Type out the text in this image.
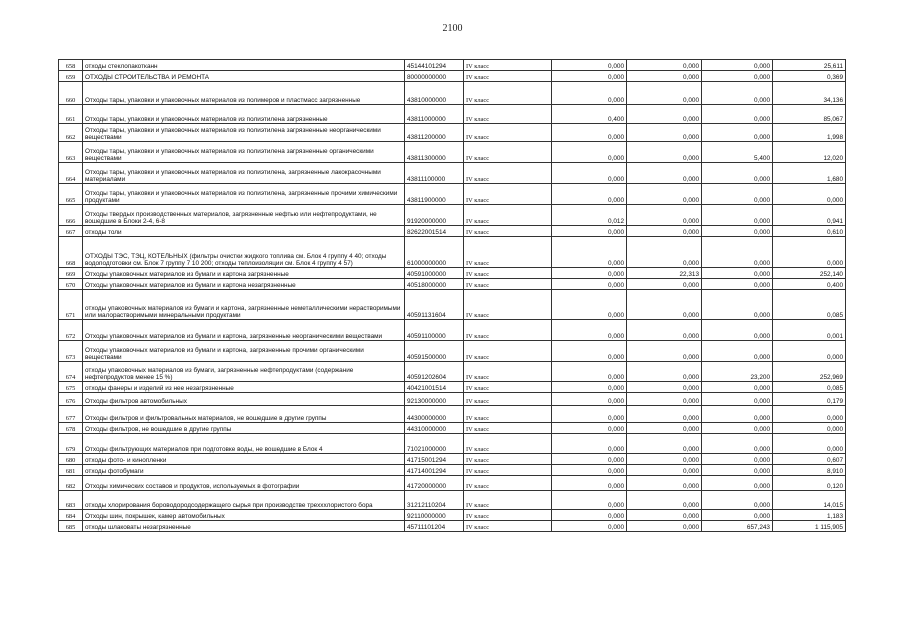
2100
658	отходы стеклопакотканн	45144101294	IV класс	0,000	0,000	0,000	25,611
659	ОТХОДЫ СТРОИТЕЛЬСТВА И РЕМОНТА	80000000000	IV класс	0,000	0,000	0,000	0,369
660	Отходы тары, упаковки и упаковочных материалов из полимеров и пластмасс загрязненные	43810000000	IV класс	0,000	0,000	0,000	34,136
661	Отходы тары, упаковки и упаковочных материалов из полиэтилена загрязненные	43811000000	IV класс	0,400	0,000	0,000	85,067
662	Отходы тары, упаковки и упаковочных материалов из полиэтилена загрязненные неорганическими веществами	43811200000	IV класс	0,000	0,000	0,000	1,998
663	Отходы тары, упаковки и упаковочных материалов из полиэтилена загрязненные органическими веществами	43811300000	IV класс	0,000	0,000	5,400	12,020
664	Отходы тары, упаковки и упаковочных материалов из полиэтилена, загрязненные лакокрасочными материалами	43811100000	IV класс	0,000	0,000	0,000	1,680
665	Отходы тары, упаковки и упаковочных материалов из полиэтилена, загрязненные прочими химическими продуктами	43811900000	IV класс	0,000	0,000	0,000	0,000
666	Отходы твердых производственных материалов, загрязненные нефтью или нефтепродуктами, не вошедшие в Блоки 2-4, 6-8	91920000000	IV класс	0,012	0,000	0,000	0,941
667	отходы толи	82622001514	IV класс	0,000	0,000	0,000	0,610
668	ОТХОДЫ ТЭС, ТЭЦ, КОТЕЛЬНЫХ (фильтры очистки жидкого топлива см. Блок 4 группу 4 40; отходы водоподготовки см. Блок 7 группу 7 10 200; отходы теплоизоляции см. Блок 4 группу 4 57)	61000000000	IV класс	0,000	0,000	0,000	0,000
669	Отходы упаковочных материалов из бумаги и картона загрязненные	40591000000	IV класс	0,000	22,313	0,000	252,140
670	Отходы упаковочных материалов из бумаги и картона незагрязненные	40518000000	IV класс	0,000	0,000	0,000	0,400
671	отходы упаковочных материалов из бумаги и картона, загрязненные неметаллическими нерастворимыми или малорастворимыми минеральными продуктами	40591131604	IV класс	0,000	0,000	0,000	0,085
672	Отходы упаковочных материалов из бумаги и картона, загрязненные неорганическими веществами	40591100000	IV класс	0,000	0,000	0,000	0,001
673	Отходы упаковочных материалов из бумаги и картона, загрязненные прочими органическими веществами	40591500000	IV класс	0,000	0,000	0,000	0,000
674	отходы упаковочных материалов из бумаги, загрязненные нефтепродуктами (содержание нефтепродуктов менее 15 %)	40591202604	IV класс	0,000	0,000	23,200	252,969
675	отходы фанеры и изделий из нее незагрязненные	40421001514	IV класс	0,000	0,000	0,000	0,085
676	Отходы фильтров автомобильных	92130000000	IV класс	0,000	0,000	0,000	0,179
677	Отходы фильтров и фильтровальных материалов, не вошедшие в другие группы	44300000000	IV класс	0,000	0,000	0,000	0,000
678	Отходы фильтров, не вошедшие в другие группы	44310000000	IV класс	0,000	0,000	0,000	0,000
679	Отходы фильтрующих материалов при подготовке воды, не вошедшие в Блок 4	71021000000	IV класс	0,000	0,000	0,000	0,000
680	отходы фото- и кинопленки	41715001294	IV класс	0,000	0,000	0,000	0,607
681	отходы фотобумаги	41714001294	IV класс	0,000	0,000	0,000	8,910
682	Отходы химических составов и продуктов, используемых в фотографии	41720000000	IV класс	0,000	0,000	0,000	0,120
683	отходы хлорирования бороводородсодержащего сырья при производстве трехххлористого бора	31212110204	IV класс	0,000	0,000	0,000	14,015
684	Отходы шин, покрышек, камер автомобильных	92110000000	IV класс	0,000	0,000	0,000	1,183
685	отходы шлаковаты незагрязненные	45711101204	IV класс	0,000	0,000	657,243	1 115,905
